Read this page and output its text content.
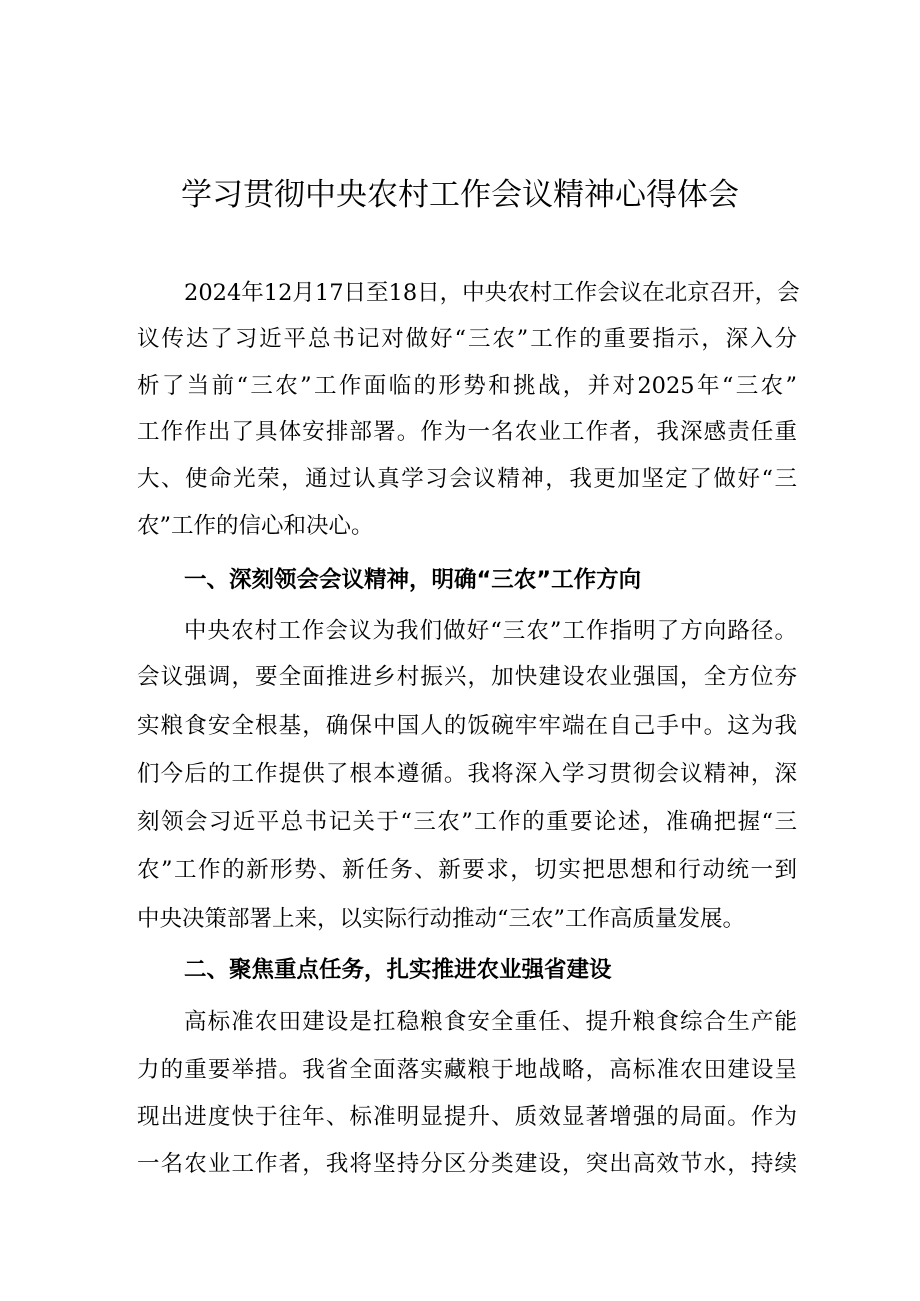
学习贯彻中央农村工作会议精神心得体会

2024年12月17日至18日，中央农村工作会议在北京召开，会

议传达了习近平总书记对做好“三农”工作的重要指示，深入分

析了当前“三农”工作面临的形势和挑战，并对2025年“三农”

工作作出了具体安排部署。作为一名农业工作者，我深感责任重

大、使命光荣，通过认真学习会议精神，我更加坚定了做好“三

农”工作的信心和决心。

一、深刻领会会议精神，明确“三农”工作方向

中央农村工作会议为我们做好“三农”工作指明了方向路径。

会议强调，要全面推进乡村振兴，加快建设农业强国，全方位夯

实粮食安全根基，确保中国人的饭碗牢牢端在自己手中。这为我

们今后的工作提供了根本遵循。我将深入学习贯彻会议精神，深

刻领会习近平总书记关于“三农”工作的重要论述，准确把握“三

农”工作的新形势、新任务、新要求，切实把思想和行动统一到

中央决策部署上来，以实际行动推动“三农”工作高质量发展。

二、聚焦重点任务，扎实推进农业强省建设

高标准农田建设是扛稳粮食安全重任、提升粮食综合生产能

力的重要举措。我省全面落实藏粮于地战略，高标准农田建设呈

现出进度快于往年、标准明显提升、质效显著增强的局面。作为

一名农业工作者，我将坚持分区分类建设，突出高效节水，持续
